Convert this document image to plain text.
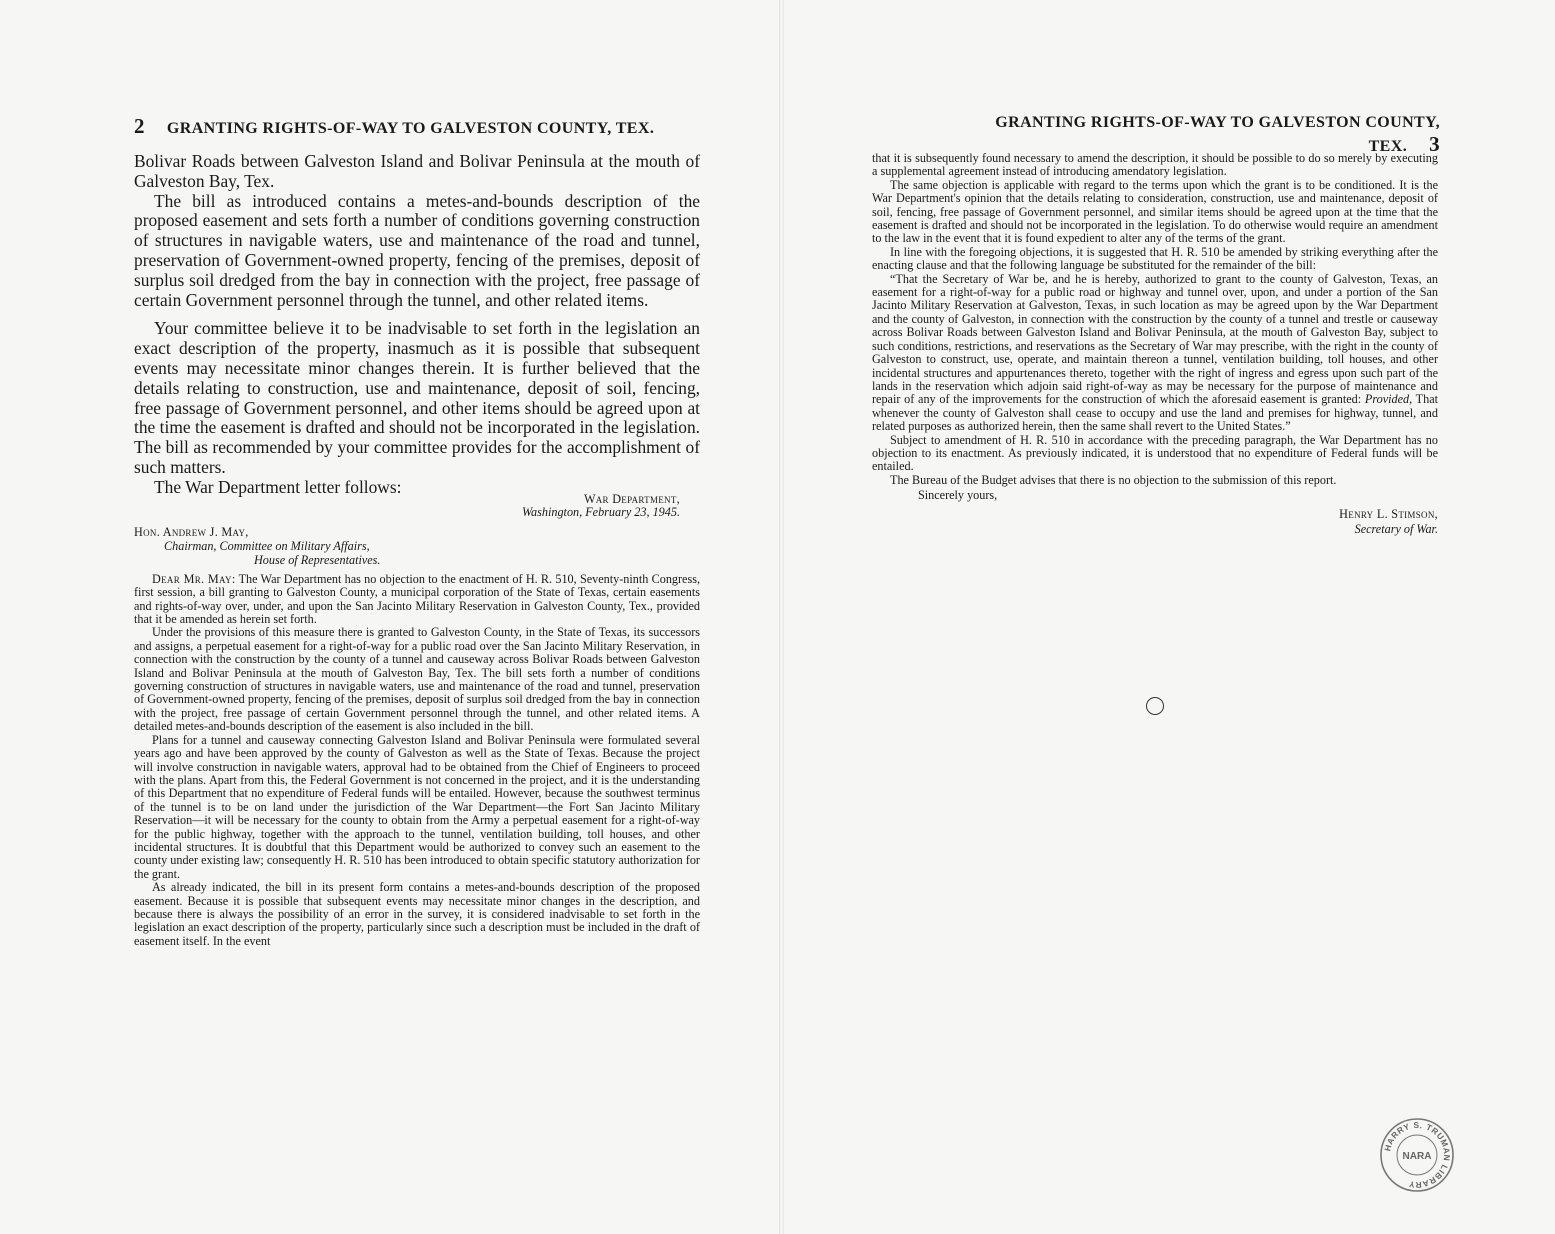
2 GRANTING RIGHTS-OF-WAY TO GALVESTON COUNTY, TEX.

Bolivar Roads between Galveston Island and Bolivar Peninsula at the mouth of Galveston Bay, Tex.

The bill as introduced contains a metes-and-bounds description of the proposed easement and sets forth a number of conditions governing construction of structures in navigable waters, use and maintenance of the road and tunnel, preservation of Government-owned property, fencing of the premises, deposit of surplus soil dredged from the bay in connection with the project, free passage of certain Government personnel through the tunnel, and other related items.

Your committee believe it to be inadvisable to set forth in the legislation an exact description of the property, inasmuch as it is possible that subsequent events may necessitate minor changes therein. It is further believed that the details relating to construction, use and maintenance, deposit of soil, fencing, free passage of Government personnel, and other items should be agreed upon at the time the easement is drafted and should not be incorporated in the legislation. The bill as recommended by your committee provides for the accomplishment of such matters.

The War Department letter follows:

War Department,
Washington, February 23, 1945.
Hon. Andrew J. May,
Chairman, Committee on Military Affairs,
House of Representatives.

Dear Mr. May: The War Department has no objection to the enactment of H. R. 510, Seventy-ninth Congress, first session, a bill granting to Galveston County, a municipal corporation of the State of Texas, certain easements and rights-of-way over, under, and upon the San Jacinto Military Reservation in Galveston County, Tex., provided that it be amended as herein set forth.

Under the provisions of this measure there is granted to Galveston County, in the State of Texas, its successors and assigns, a perpetual easement for a right-of-way for a public road over the San Jacinto Military Reservation, in connection with the construction by the county of a tunnel and causeway across Bolivar Roads between Galveston Island and Bolivar Peninsula at the mouth of Galveston Bay, Tex. The bill sets forth a number of conditions governing construction of structures in navigable waters, use and maintenance of the road and tunnel, preservation of Government-owned property, fencing of the premises, deposit of surplus soil dredged from the bay in connection with the project, free passage of certain Government personnel through the tunnel, and other related items. A detailed metes-and-bounds description of the easement is also included in the bill.

Plans for a tunnel and causeway connecting Galveston Island and Bolivar Peninsula were formulated several years ago and have been approved by the county of Galveston as well as the State of Texas. Because the project will involve construction in navigable waters, approval had to be obtained from the Chief of Engineers to proceed with the plans. Apart from this, the Federal Government is not concerned in the project, and it is the understanding of this Department that no expenditure of Federal funds will be entailed. However, because the southwest terminus of the tunnel is to be on land under the jurisdiction of the War Department—the Fort San Jacinto Military Reservation—it will be necessary for the county to obtain from the Army a perpetual easement for a right-of-way for the public highway, together with the approach to the tunnel, ventilation building, toll houses, and other incidental structures. It is doubtful that this Department would be authorized to convey such an easement to the county under existing law; consequently H. R. 510 has been introduced to obtain specific statutory authorization for the grant.

As already indicated, the bill in its present form contains a metes-and-bounds description of the proposed easement. Because it is possible that subsequent events may necessitate minor changes in the description, and because there is always the possibility of an error in the survey, it is considered inadvisable to set forth in the legislation an exact description of the property, particularly since such a description must be included in the draft of easement itself. In the event

GRANTING RIGHTS-OF-WAY TO GALVESTON COUNTY, TEX. 3

that it is subsequently found necessary to amend the description, it should be possible to do so merely by executing a supplemental agreement instead of introducing amendatory legislation.

The same objection is applicable with regard to the terms upon which the grant is to be conditioned. It is the War Department's opinion that the details relating to consideration, construction, use and maintenance, deposit of soil, fencing, free passage of Government personnel, and similar items should be agreed upon at the time that the easement is drafted and should not be incorporated in the legislation. To do otherwise would require an amendment to the law in the event that it is found expedient to alter any of the terms of the grant.

In line with the foregoing objections, it is suggested that H. R. 510 be amended by striking everything after the enacting clause and that the following language be substituted for the remainder of the bill:

“That the Secretary of War be, and he is hereby, authorized to grant to the county of Galveston, Texas, an easement for a right-of-way for a public road or highway and tunnel over, upon, and under a portion of the San Jacinto Military Reservation at Galveston, Texas, in such location as may be agreed upon by the War Department and the county of Galveston, in connection with the construction by the county of a tunnel and trestle or causeway across Bolivar Roads between Galveston Island and Bolivar Peninsula, at the mouth of Galveston Bay, subject to such conditions, restrictions, and reservations as the Secretary of War may prescribe, with the right in the county of Galveston to construct, use, operate, and maintain thereon a tunnel, ventilation building, toll houses, and other incidental structures and appurtenances thereto, together with the right of ingress and egress upon such part of the lands in the reservation which adjoin said right-of-way as may be necessary for the purpose of maintenance and repair of any of the improvements for the construction of which the aforesaid easement is granted: Provided, That whenever the county of Galveston shall cease to occupy and use the land and premises for highway, tunnel, and related purposes as authorized herein, then the same shall revert to the United States.”

Subject to amendment of H. R. 510 in accordance with the preceding paragraph, the War Department has no objection to its enactment. As previously indicated, it is understood that no expenditure of Federal funds will be entailed.

The Bureau of the Budget advises that there is no objection to the submission of this report.

Sincerely yours,
Henry L. Stimson,
Secretary of War.
HARRY S. TRUMAN LIBRARY
NARA
